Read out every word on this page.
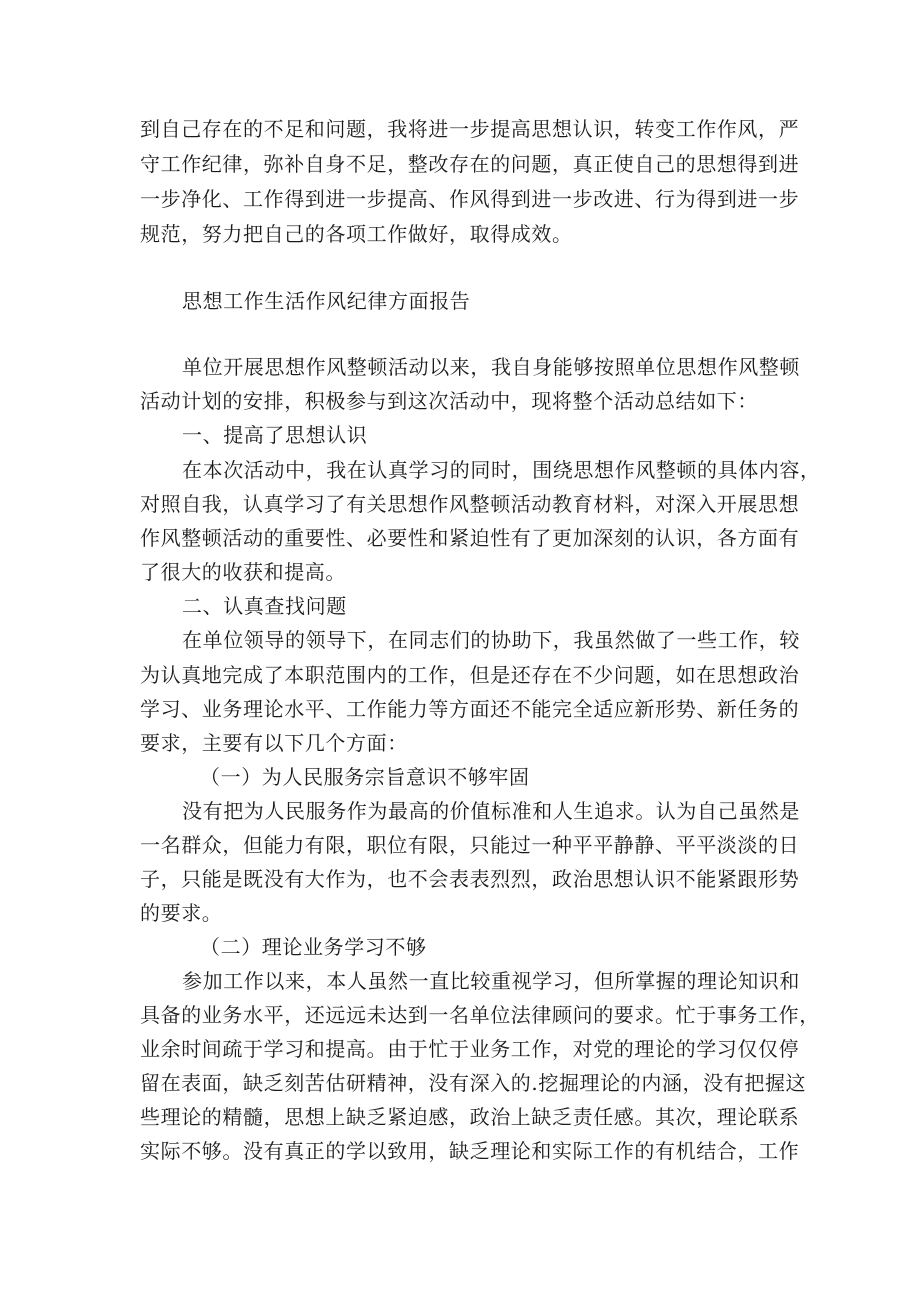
到自己存在的不足和问题，我将进一步提高思想认识，转变工作作风，严
守工作纪律，弥补自身不足，整改存在的问题，真正使自己的思想得到进
一步净化、工作得到进一步提高、作风得到进一步改进、行为得到进一步
规范，努力把自己的各项工作做好，取得成效。
思想工作生活作风纪律方面报告
单位开展思想作风整顿活动以来，我自身能够按照单位思想作风整顿
活动计划的安排，积极参与到这次活动中，现将整个活动总结如下：
一、提高了思想认识
在本次活动中，我在认真学习的同时，围绕思想作风整顿的具体内容，
对照自我，认真学习了有关思想作风整顿活动教育材料，对深入开展思想
作风整顿活动的重要性、必要性和紧迫性有了更加深刻的认识，各方面有
了很大的收获和提高。
二、认真查找问题
在单位领导的领导下，在同志们的协助下，我虽然做了一些工作，较
为认真地完成了本职范围内的工作，但是还存在不少问题，如在思想政治
学习、业务理论水平、工作能力等方面还不能完全适应新形势、新任务的
要求，主要有以下几个方面：
（一）为人民服务宗旨意识不够牢固
没有把为人民服务作为最高的价值标准和人生追求。认为自己虽然是
一名群众，但能力有限，职位有限，只能过一种平平静静、平平淡淡的日
子，只能是既没有大作为，也不会表表烈烈，政治思想认识不能紧跟形势
的要求。
（二）理论业务学习不够
参加工作以来，本人虽然一直比较重视学习，但所掌握的理论知识和
具备的业务水平，还远远未达到一名单位法律顾问的要求。忙于事务工作，
业余时间疏于学习和提高。由于忙于业务工作，对党的理论的学习仅仅停
留在表面，缺乏刻苦估研精神，没有深入的.挖掘理论的内涵，没有把握这
些理论的精髓，思想上缺乏紧迫感，政治上缺乏责任感。其次，理论联系
实际不够。没有真正的学以致用，缺乏理论和实际工作的有机结合，工作
